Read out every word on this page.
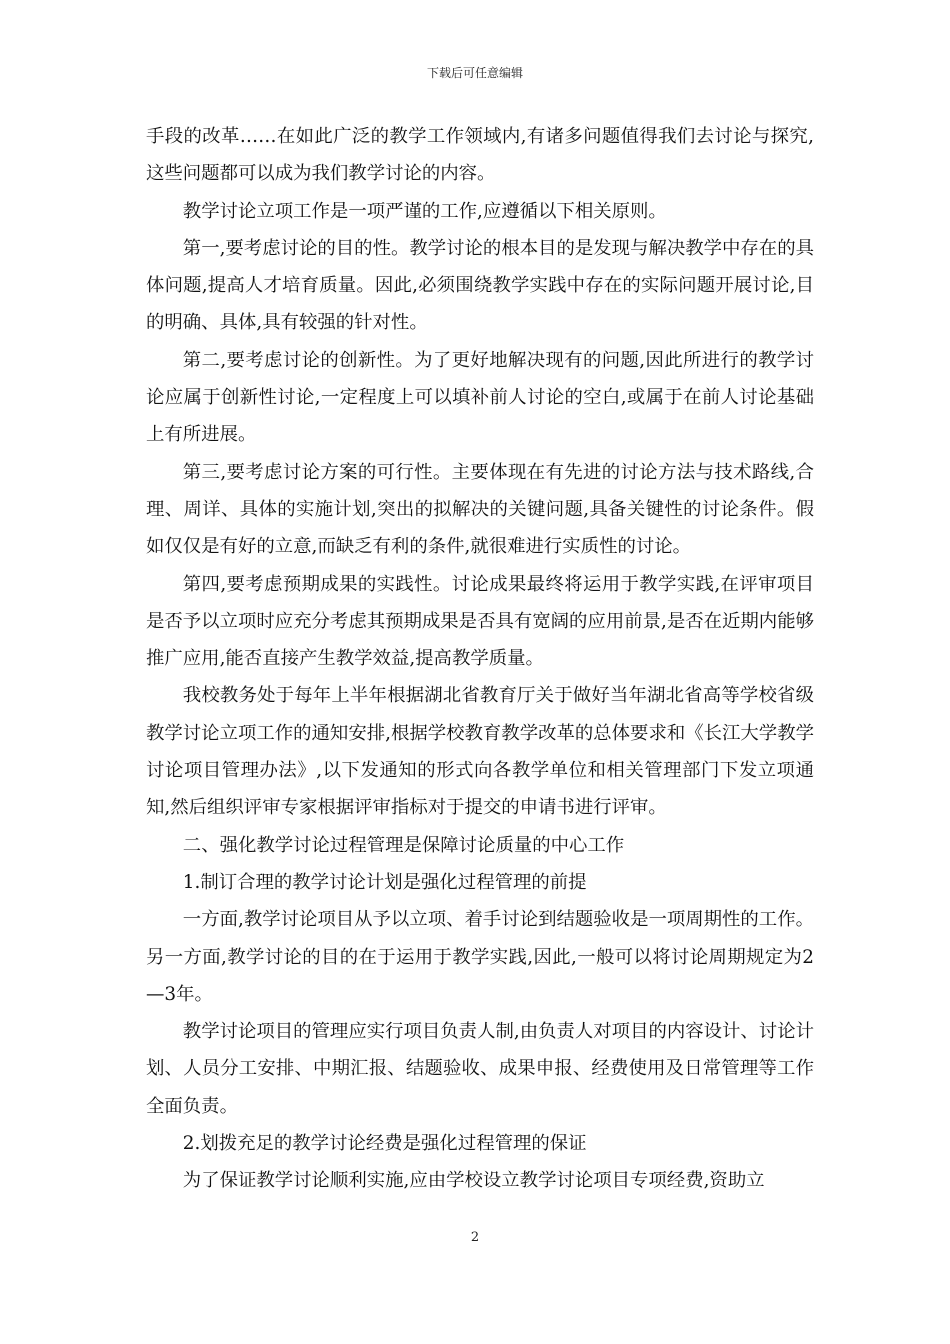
下载后可任意编辑

手段的改革……在如此广泛的教学工作领域内,有诸多问题值得我们去讨论与探究,这些问题都可以成为我们教学讨论的内容。

教学讨论立项工作是一项严谨的工作,应遵循以下相关原则。

第一,要考虑讨论的目的性。教学讨论的根本目的是发现与解决教学中存在的具体问题,提高人才培育质量。因此,必须围绕教学实践中存在的实际问题开展讨论,目的明确、具体,具有较强的针对性。

第二,要考虑讨论的创新性。为了更好地解决现有的问题,因此所进行的教学讨论应属于创新性讨论,一定程度上可以填补前人讨论的空白,或属于在前人讨论基础上有所进展。

第三,要考虑讨论方案的可行性。主要体现在有先进的讨论方法与技术路线,合理、周详、具体的实施计划,突出的拟解决的关键问题,具备关键性的讨论条件。假如仅仅是有好的立意,而缺乏有利的条件,就很难进行实质性的讨论。

第四,要考虑预期成果的实践性。讨论成果最终将运用于教学实践,在评审项目是否予以立项时应充分考虑其预期成果是否具有宽阔的应用前景,是否在近期内能够推广应用,能否直接产生教学效益,提高教学质量。

我校教务处于每年上半年根据湖北省教育厅关于做好当年湖北省高等学校省级教学讨论立项工作的通知安排,根据学校教育教学改革的总体要求和《长江大学教学讨论项目管理办法》,以下发通知的形式向各教学单位和相关管理部门下发立项通知,然后组织评审专家根据评审指标对于提交的申请书进行评审。

二、强化教学讨论过程管理是保障讨论质量的中心工作

1.制订合理的教学讨论计划是强化过程管理的前提

一方面,教学讨论项目从予以立项、着手讨论到结题验收是一项周期性的工作。另一方面,教学讨论的目的在于运用于教学实践,因此,一般可以将讨论周期规定为2—3年。

教学讨论项目的管理应实行项目负责人制,由负责人对项目的内容设计、讨论计划、人员分工安排、中期汇报、结题验收、成果申报、经费使用及日常管理等工作全面负责。

2.划拨充足的教学讨论经费是强化过程管理的保证

为了保证教学讨论顺利实施,应由学校设立教学讨论项目专项经费,资助立

2
